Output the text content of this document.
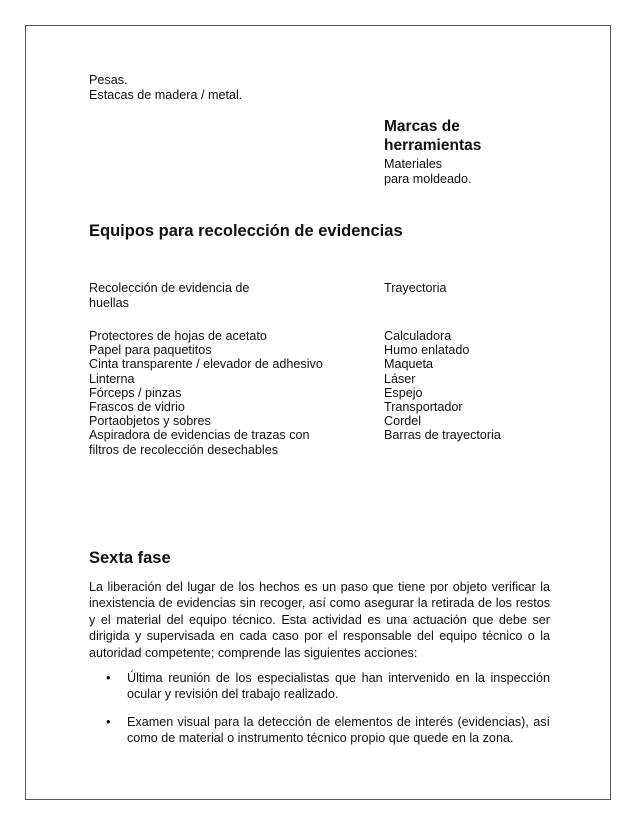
Pesas.
Estacas de madera / metal.
Marcas de
herramientas
Materiales
para moldeado.
Equipos para recolección de evidencias
Recolección de evidencia de
huellas
Trayectoria
Protectores de hojas de acetato
Papel para paquetitos
Cinta transparente / elevador de adhesivo
Linterna
Fórceps / pinzas
Frascos de vidrio
Portaobjetos y sobres
Aspiradora de evidencias de trazas con
filtros de recolección desechables
Calculadora
Humo enlatado
Maqueta
Láser
Espejo
Transportador
Cordel
Barras de trayectoria
Sexta fase
La liberación del lugar de los hechos es un paso que tiene por objeto verificar la inexistencia de evidencias sin recoger, así como asegurar la retirada de los restos y el material del equipo técnico. Esta actividad es una actuación que debe ser dirigida y supervisada en cada caso por el responsable del equipo técnico o la autoridad competente; comprende las siguientes acciones:
• Última reunión de los especialistas que han intervenido en la inspección ocular y revisión del trabajo realizado.
• Examen visual para la detección de elementos de interés (evidencias), así como de material o instrumento técnico propio que quede en la zona.
